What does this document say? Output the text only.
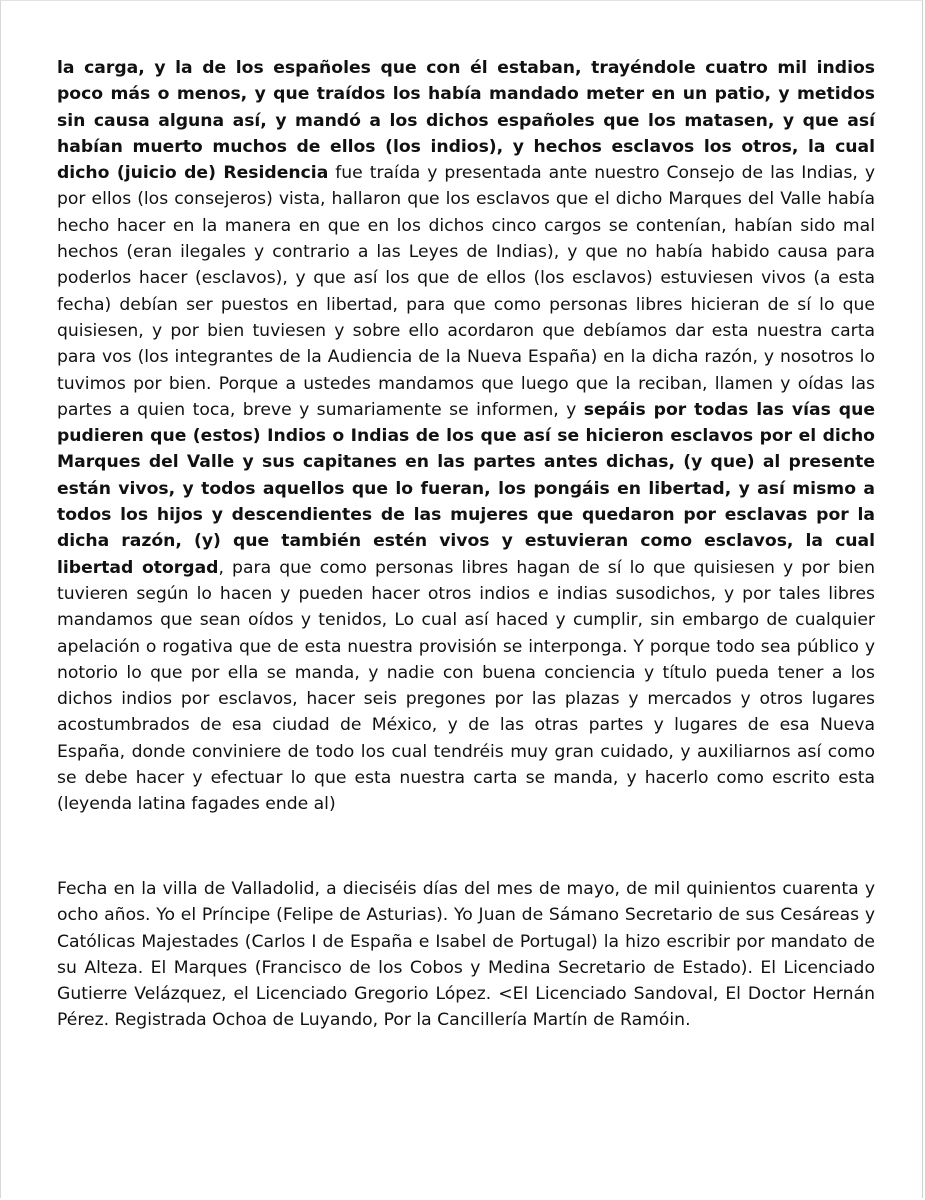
la carga, y la de los españoles que con él estaban, trayéndole cuatro mil indios poco más o menos, y que traídos los había mandado meter en un patio, y metidos sin causa alguna así, y mandó a los dichos españoles que los matasen, y que así habían muerto muchos de ellos (los indios), y hechos esclavos los otros, la cual dicho (juicio de) Residencia fue traída y presentada ante nuestro Consejo de las Indias, y por ellos (los consejeros) vista, hallaron que los esclavos que el dicho Marques del Valle había hecho hacer en la manera en que en los dichos cinco cargos se contenían, habían sido mal hechos (eran ilegales y contrario a las Leyes de Indias), y que no había habido causa para poderlos hacer (esclavos), y que así los que de ellos (los esclavos) estuviesen vivos (a esta fecha) debían ser puestos en libertad, para que como personas libres hicieran de sí lo que quisiesen, y por bien tuviesen y sobre ello acordaron que debíamos dar esta nuestra carta para vos (los integrantes de la Audiencia de la Nueva España) en la dicha razón, y nosotros lo tuvimos por bien. Porque a ustedes mandamos que luego que la reciban, llamen y oídas las partes a quien toca, breve y sumariamente se informen, y sepáis por todas las vías que pudieren que (estos) Indios o Indias de los que así se hicieron esclavos por el dicho Marques del Valle y sus capitanes en las partes antes dichas, (y que) al presente están vivos, y todos aquellos que lo fueran, los pongáis en libertad, y así mismo a todos los hijos y descendientes de las mujeres que quedaron por esclavas por la dicha razón, (y) que también estén vivos y estuvieran como esclavos, la cual libertad otorgad, para que como personas libres hagan de sí lo que quisiesen y por bien tuvieren según lo hacen y pueden hacer otros indios e indias susodichos, y por tales libres mandamos que sean oídos y tenidos, Lo cual así haced y cumplir, sin embargo de cualquier apelación o rogativa que de esta nuestra provisión se interponga. Y porque todo sea público y notorio lo que por ella se manda, y nadie con buena conciencia y título pueda tener a los dichos indios por esclavos, hacer seis pregones por las plazas y mercados y otros lugares acostumbrados de esa ciudad de México, y de las otras partes y lugares de esa Nueva España, donde conviniere de todo los cual tendréis muy gran cuidado, y auxiliarnos así como se debe hacer y efectuar lo que esta nuestra carta se manda, y hacerlo como escrito esta (leyenda latina fagades ende al)

Fecha en la villa de Valladolid, a dieciséis días del mes de mayo, de mil quinientos cuarenta y ocho años. Yo el Príncipe (Felipe de Asturias). Yo Juan de Sámano Secretario de sus Cesáreas y Católicas Majestades (Carlos I de España e Isabel de Portugal) la hizo escribir por mandato de su Alteza. El Marques (Francisco de los Cobos y Medina Secretario de Estado). El Licenciado Gutierre Velázquez, el Licenciado Gregorio López. <El Licenciado Sandoval, El Doctor Hernán Pérez. Registrada Ochoa de Luyando, Por la Cancillería Martín de Ramóin.
